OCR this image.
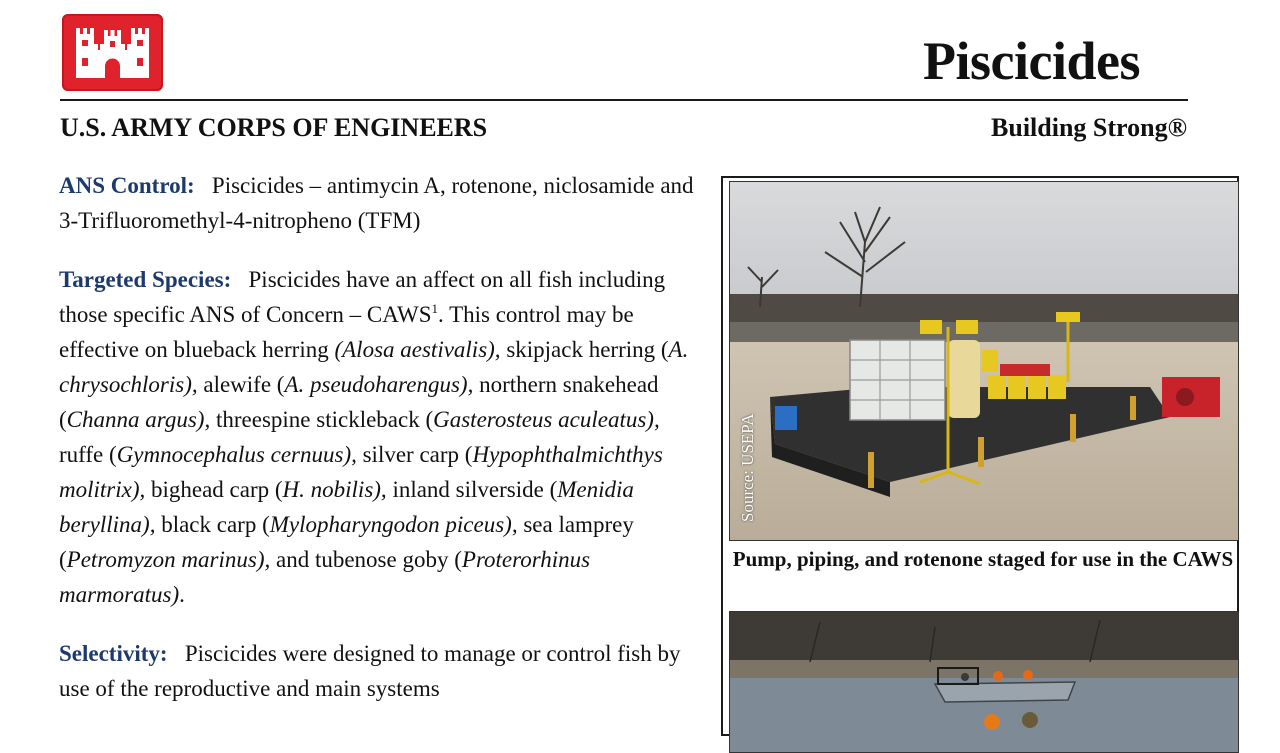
Piscicides
U.S. ARMY CORPS OF ENGINEERS	Building Strong®

ANS Control: Piscicides – antimycin A, rotenone, niclosamide and 3-Trifluoromethyl-4-nitropheno (TFM)

Targeted Species: Piscicides have an affect on all fish including those specific ANS of Concern – CAWS$^1$. This control may be effective on blueback herring (Alosa aestivalis), skipjack herring (A. chrysochloris), alewife (A. pseudoharengus), northern snakehead (Channa argus), threespine stickleback (Gasterosteus aculeatus), ruffe (Gymnocephalus cernuus), silver carp (Hypophthalmichthys molitrix), bighead carp (H. nobilis), inland silverside (Menidia beryllina), black carp (Mylopharyngodon piceus), sea lamprey (Petromyzon marinus), and tubenose goby (Proterorhinus marmoratus).

Selectivity: Piscicides were designed to manage or control fish by use of the reproductive and main systems

Pump, piping, and rotenone staged for use in the CAWS
